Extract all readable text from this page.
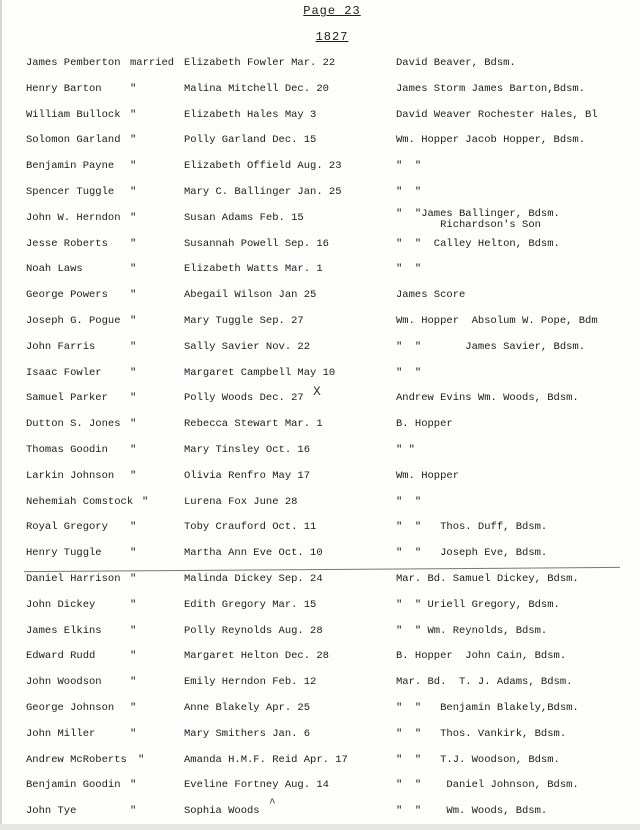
Page 23
1827
James Pemberton married Elizabeth Fowler Mar. 22	David Beaver, Bdsm.
Henry Barton	"	Malina Mitchell Dec. 20	James Storm James Barton,Bdsm.
William Bullock "	Elizabeth Hales May 3	David Weaver Rochester Hales, Bl
Solomon Garland "	Polly Garland Dec. 15	Wm. Hopper Jacob Hopper, Bdsm.
Benjamin Payne	"	Elizabeth Offield Aug. 23	"  "
Spencer Tuggle	"	Mary C. Ballinger Jan. 25	"  "
John W. Herndon "	Susan Adams Feb. 15	"  "James Ballinger, Bdsm.
Richardson's Son
Jesse Roberts	"	Susannah Powell Sep. 16	"  "  Calley Helton, Bdsm.
Noah Laws	"	Elizabeth Watts Mar. 1	"  "
George Powers	"	Abegail Wilson Jan 25	James Score
Joseph G. Pogue "	Mary Tuggle Sep. 27	Wm. Hopper  Absolum W. Pope, Bdm
John Farris	"	Sally Savier Nov. 22	"  "       James Savier, Bdsm.
Isaac Fowler	"	Margaret Campbell May 10	"  "
Samuel Parker	"	Polly Woods Dec. 27	Andrew Evins Wm. Woods, Bdsm.
Dutton S. Jones "	Rebecca Stewart Mar. 1	B. Hopper
Thomas Goodin	"	Mary Tinsley Oct. 16	" "
Larkin Johnson	"	Olivia Renfro May 17	Wm. Hopper
Nehemiah Comstock "	Lurena Fox June 28	"  "
Royal Gregory	"	Toby Crauford Oct. 11	"  "   Thos. Duff, Bdsm.
Henry Tuggle	"	Martha Ann Eve Oct. 10	"  "   Joseph Eve, Bdsm.
Daniel Harrison "	Malinda Dickey Sep. 24	Mar. Bd. Samuel Dickey, Bdsm.
John Dickey	"	Edith Gregory Mar. 15	"  " Uriell Gregory, Bdsm.
James Elkins	"	Polly Reynolds Aug. 28	"  " Wm. Reynolds, Bdsm.
Edward Rudd	"	Margaret Helton Dec. 28	B. Hopper  John Cain, Bdsm.
John Woodson	"	Emily Herndon Feb. 12	Mar. Bd.  T. J. Adams, Bdsm.
George Johnson	"	Anne Blakely Apr. 25	"  "   Benjamin Blakely,Bdsm.
John Miller	"	Mary Smithers Jan. 6	"  "   Thos. Vankirk, Bdsm.
Andrew McRoberts	"	Amanda H.M.F. Reid Apr. 17	"  "   T.J. Woodson, Bdsm.
Benjamin Goodin "	Eveline Fortney Aug. 14	"  "    Daniel Johnson, Bdsm.
John Tye	"	Sophia Woods	"  "    Wm. Woods, Bdsm.
X
^
